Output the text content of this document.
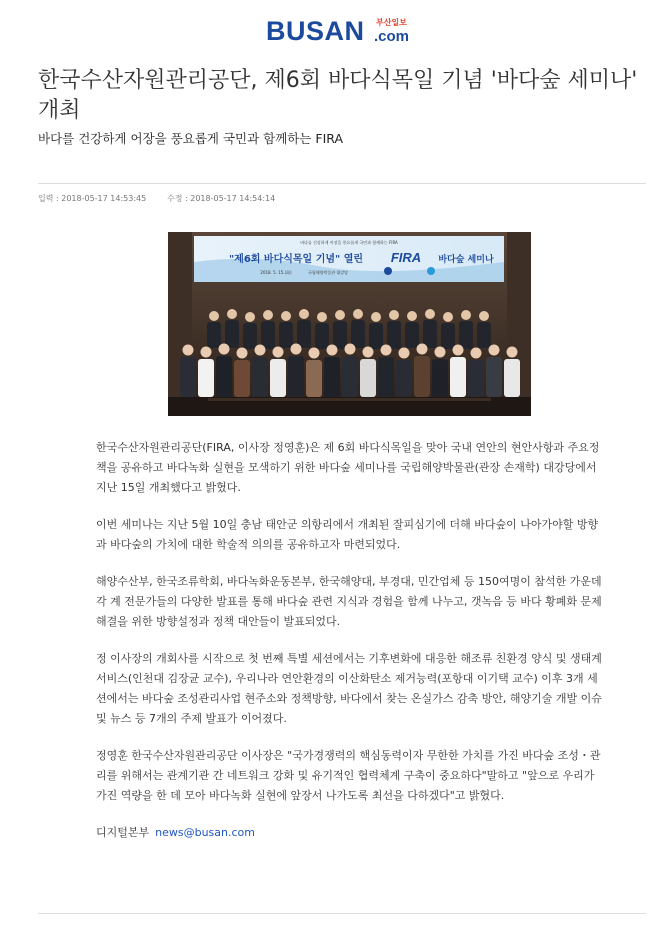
BUSAN 부산일보
.com
한국수산자원관리공단, 제6회 바다식목일 기념 '바다숲 세미나' 개최

바다를 건강하게 어장을 풍요롭게 국민과 함께하는 FIRA

입력 : 2018-05-17 14:53:45	수정 : 2018-05-17 14:54:14
바다를 건강하게 어장을 풍요롭게 국민과 함께하는 FIRA
"제6회 바다식목일 기념" 열린 FIRA 바다숲 세미나
2018. 5. 15.(화)	국립해양박물관 대강당

한국수산자원관리공단(FIRA, 이사장 정영훈)은 제 6회 바다식목일을 맞아 국내 연안의 현안사항과 주요정책을 공유하고 바다녹화 실현을 모색하기 위한 바다숲 세미나를 국립해양박물관(관장 손재학) 대강당에서 지난 15일 개최했다고 밝혔다.

이번 세미나는 지난 5월 10일 충남 태안군 의항리에서 개최된 잘피심기에 더해 바다숲이 나아가야할 방향과 바다숲의 가치에 대한 학술적 의의를 공유하고자 마련되었다.

해양수산부, 한국조류학회, 바다녹화운동본부, 한국해양대, 부경대, 민간업체 등 150여명이 참석한 가운데 각 계 전문가들의 다양한 발표를 통해 바다숲 관련 지식과 경험을 함께 나누고, 갯녹음 등 바다 황폐화 문제 해결을 위한 방향설정과 정책 대안들이 발표되었다.

정 이사장의 개회사를 시작으로 첫 번째 특별 세션에서는 기후변화에 대응한 해조류 친환경 양식 및 생태계 서비스(인천대 김장균 교수), 우리나라 연안환경의 이산화탄소 제거능력(포항대 이기택 교수) 이후 3개 세션에서는 바다숲 조성관리사업 현주소와 정책방향, 바다에서 찾는 온실가스 감축 방안, 해양기술 개발 이슈 및 뉴스 등 7개의 주제 발표가 이어졌다.

정영훈 한국수산자원관리공단 이사장은 "국가경쟁력의 핵심동력이자 무한한 가치를 가진 바다숲 조성・관리를 위해서는 관계기관 간 네트워크 강화 및 유기적인 협력체계 구축이 중요하다"말하고 "앞으로 우리가 가진 역량을 한 데 모아 바다녹화 실현에 앞장서 나가도록 최선을 다하겠다"고 밝혔다.

디지털본부 news@busan.com
